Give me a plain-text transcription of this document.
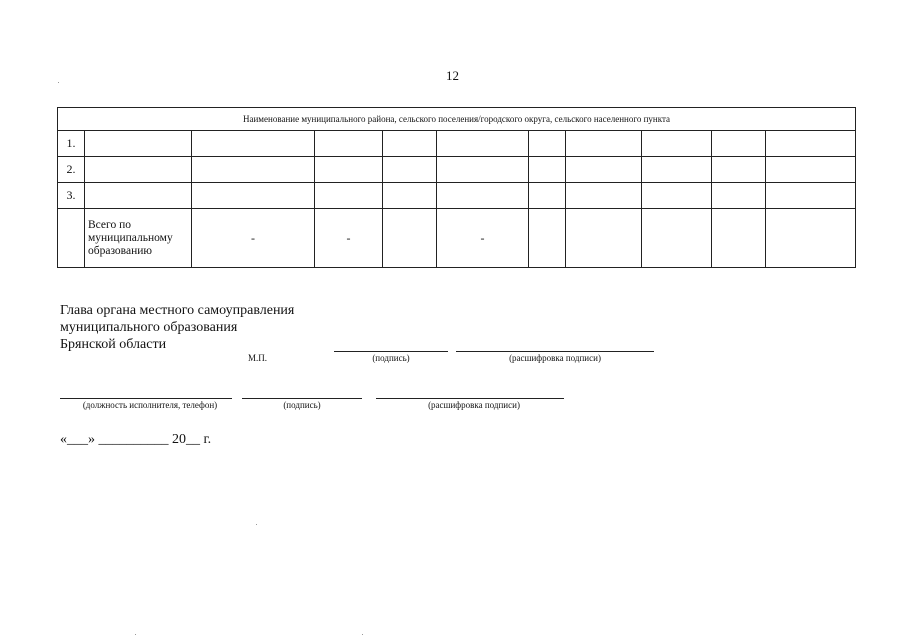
12
Наименование муниципального района, сельского поселения/городского округа, сельского населенного пункта										
1.										
2.										
3.										
	Всего по
муниципальному
образованию	-	-		-					
Глава органа местного самоуправления
муниципального образования
Брянской области
М.П.	(подпись)	(расшифровка подписи)
(должность исполнителя, телефон)	(подпись)	(расшифровка подписи)
«___» __________ 20__ г.
